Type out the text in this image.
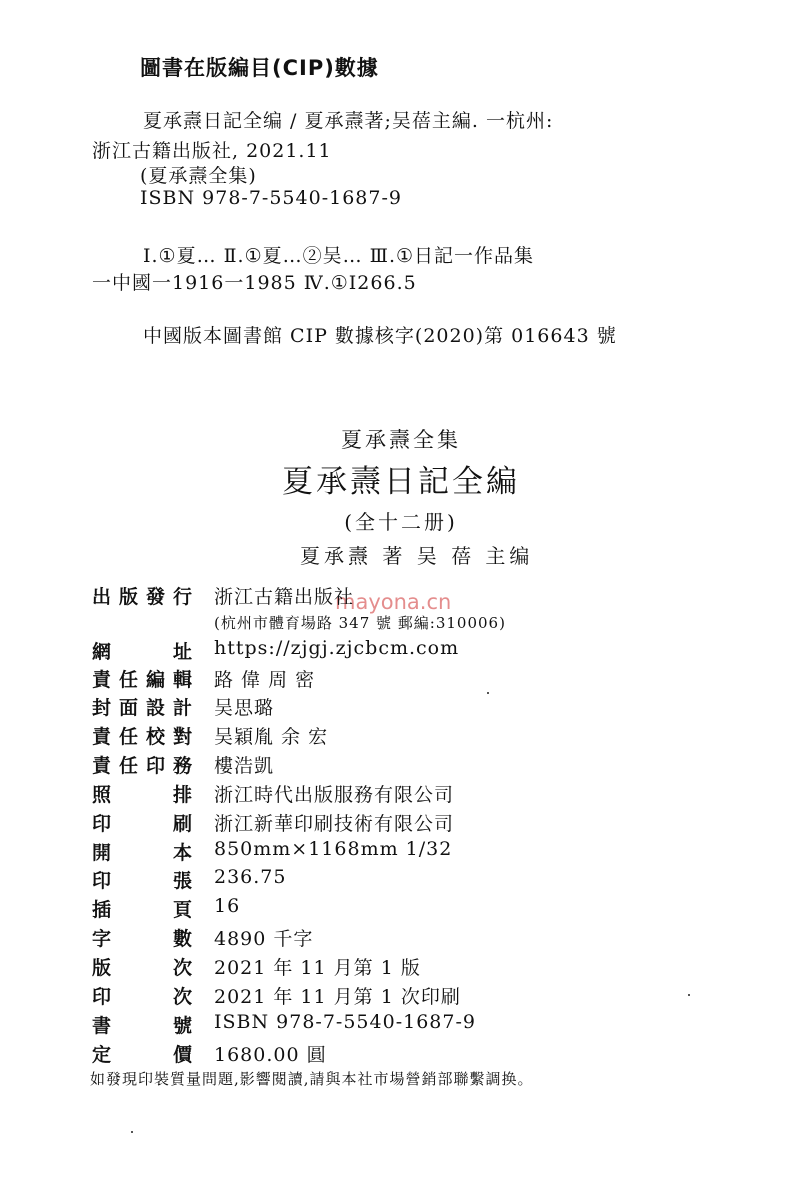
圖書在版編目(CIP)數據
夏承燾日記全编 / 夏承燾著;吴蓓主編. 一杭州:
浙江古籍出版社, 2021.11
(夏承燾全集)
ISBN 978-7-5540-1687-9
Ⅰ.①夏… Ⅱ.①夏…②吴… Ⅲ.①日記一作品集
一中國一1916一1985 Ⅳ.①I266.5
中國版本圖書館 CIP 數據核字(2020)第 016643 號
夏承燾全集
夏承燾日記全編
(全十二册)
夏承燾 著 吴 蓓 主编
mayona.cn
出 版 發 行 浙江古籍出版社
網	址 https://zjgj.zjcbcm.com
責 任 編 輯 路 偉 周 密
封 面 設 計 吴思璐
責 任 校 對 吴穎胤 余 宏
責 任 印 務 樓浩凱
照	排 浙江時代出版服務有限公司
印	刷 浙江新華印刷技術有限公司
開	本 850mm×1168mm 1/32
印	張 236.75
插	頁 16
字	數 4890 千字
版	次 2021 年 11 月第 1 版
印	次 2021 年 11 月第 1 次印刷
書	號 ISBN 978-7-5540-1687-9
定	價 1680.00 圓
(杭州市體育場路 347 號 郵編:310006)
如發現印裝質量問題,影響閱讀,請與本社市場營銷部聯繫調换。
